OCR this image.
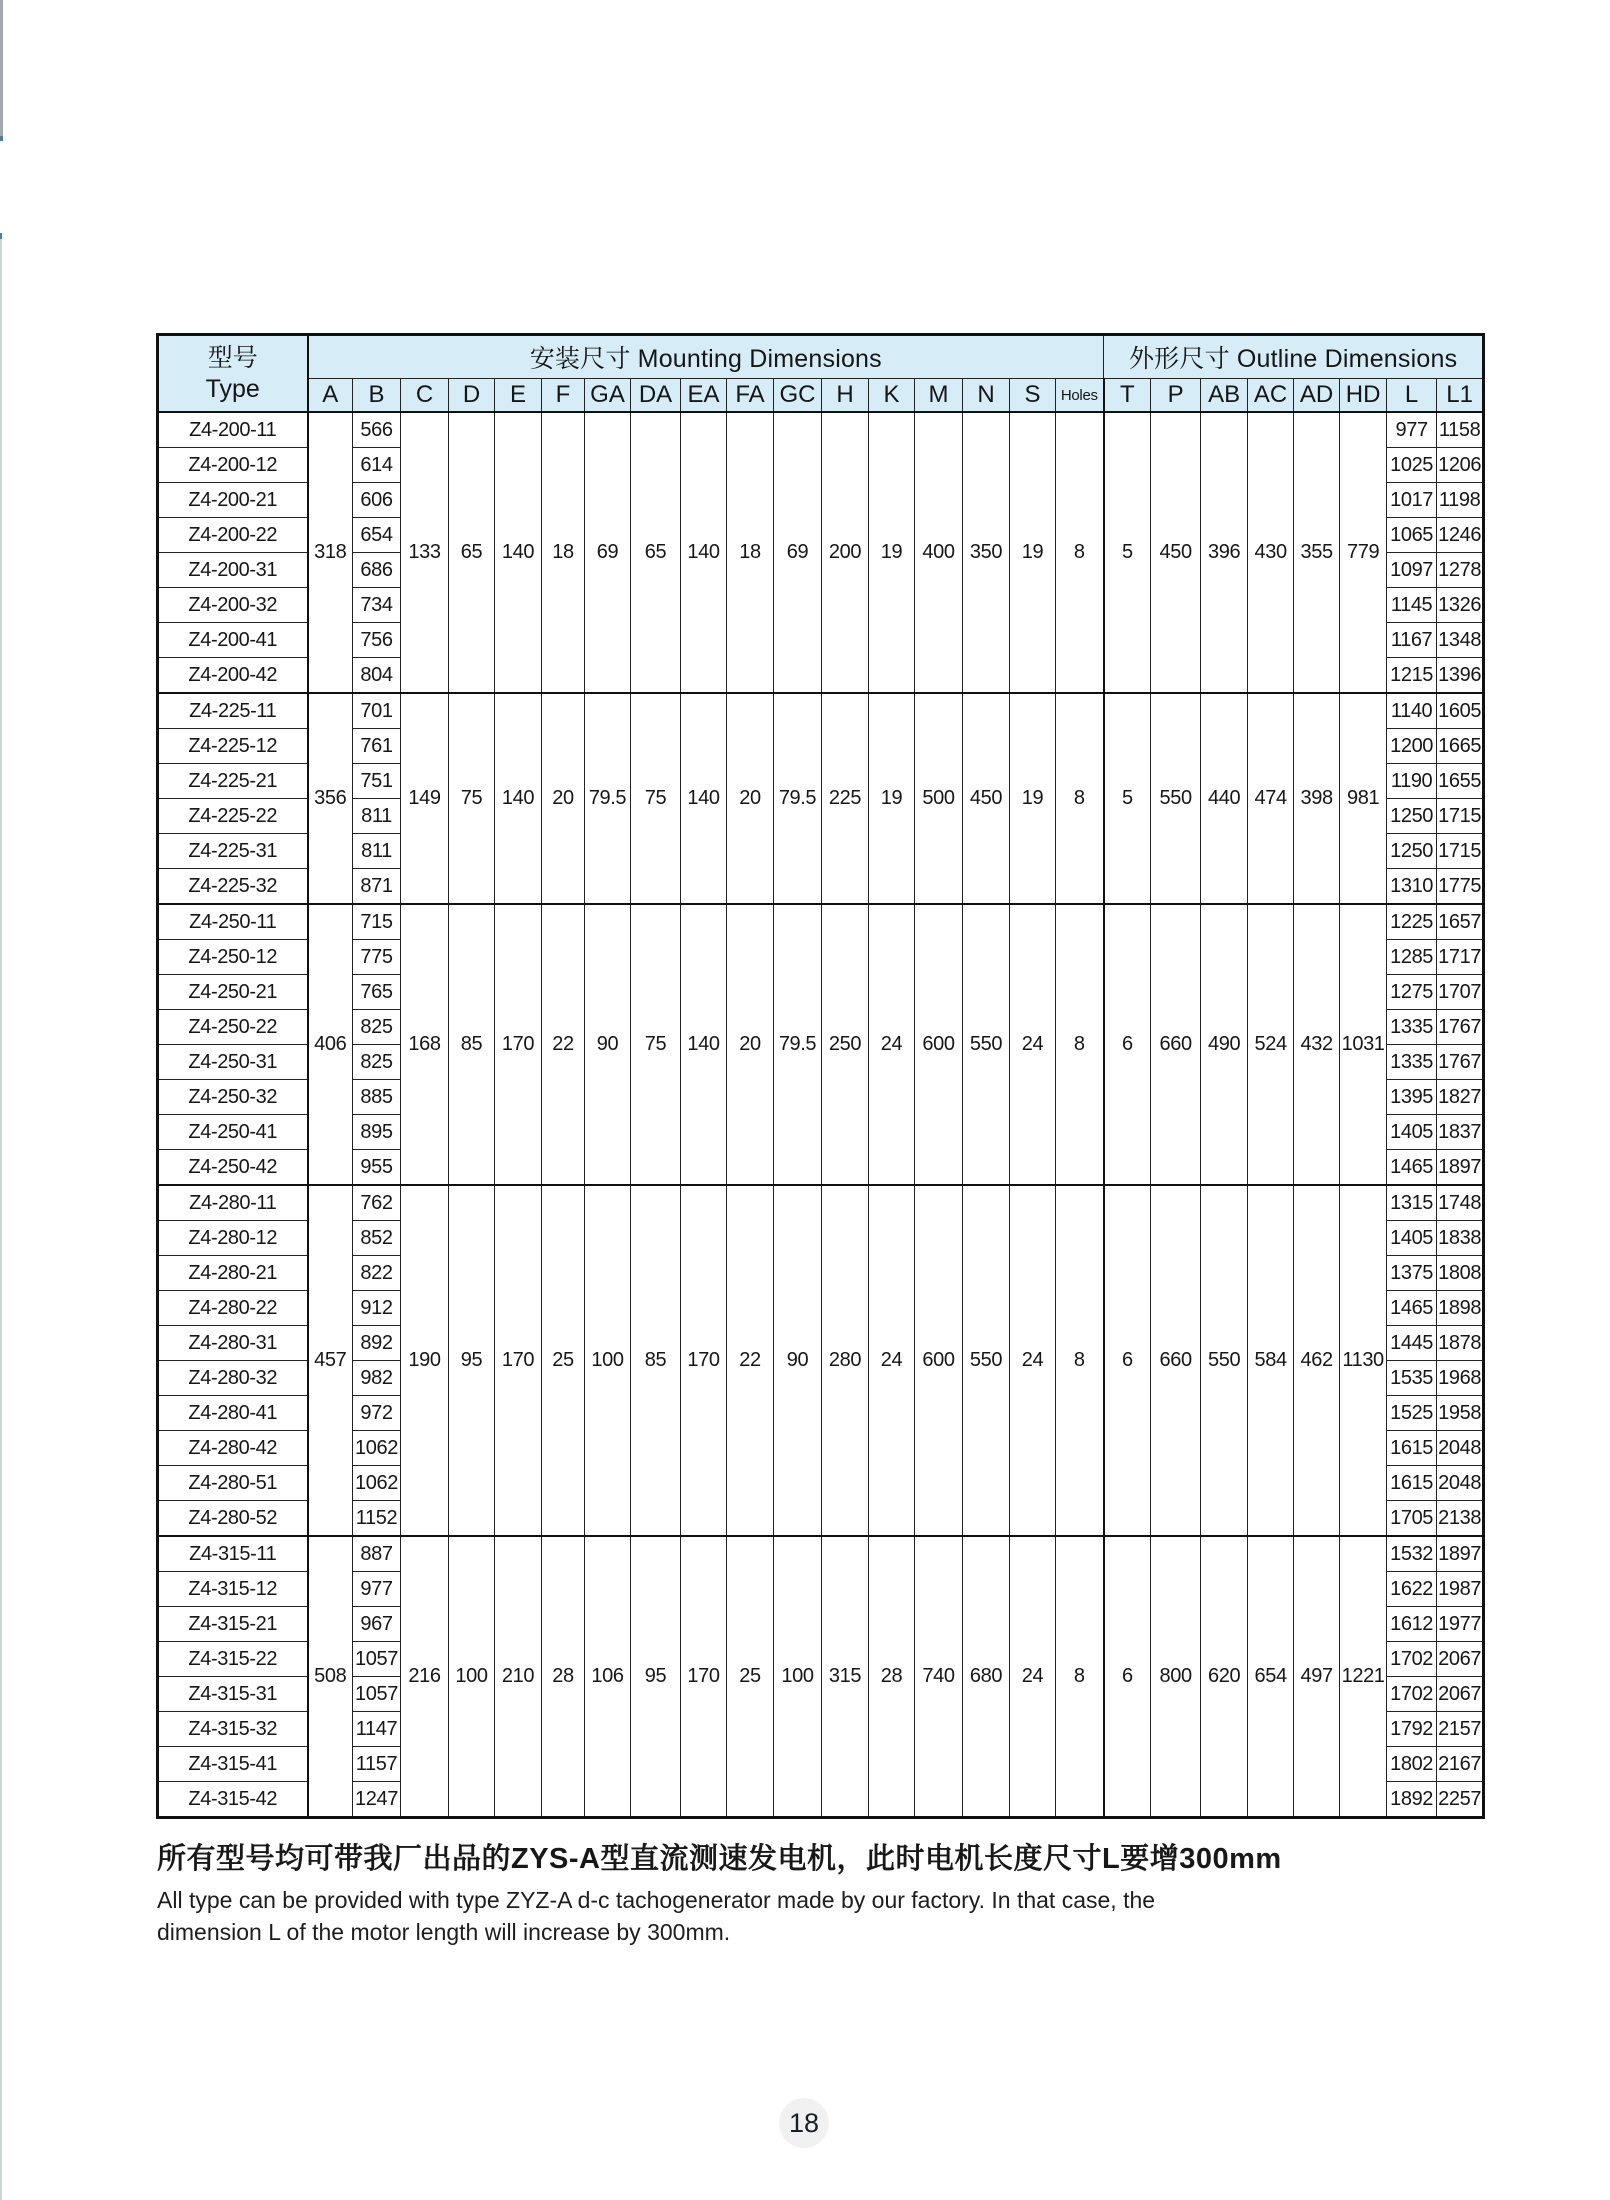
型号
Type	安装尺寸 Mounting Dimensions																	外形尺寸 Outline Dimensions							
	A	B	C	D	E	F	GA	DA	EA	FA	GC	H	K	M	N	S	Holes	T	P	AB	AC	AD	HD	L	L1
Z4-200-11	318	566	133	65	140	18	69	65	140	18	69	200	19	400	350	19	8	5	450	396	430	355	779	977	1158
Z4-200-12		614																						1025	1206
Z4-200-21		606																						1017	1198
Z4-200-22		654																						1065	1246
Z4-200-31		686																						1097	1278
Z4-200-32		734																						1145	1326
Z4-200-41		756																						1167	1348
Z4-200-42		804																						1215	1396
Z4-225-11	356	701	149	75	140	20	79.5	75	140	20	79.5	225	19	500	450	19	8	5	550	440	474	398	981	1140	1605
Z4-225-12		761																						1200	1665
Z4-225-21		751																						1190	1655
Z4-225-22		811																						1250	1715
Z4-225-31		811																						1250	1715
Z4-225-32		871																						1310	1775
Z4-250-11	406	715	168	85	170	22	90	75	140	20	79.5	250	24	600	550	24	8	6	660	490	524	432	1031	1225	1657
Z4-250-12		775																						1285	1717
Z4-250-21		765																						1275	1707
Z4-250-22		825																						1335	1767
Z4-250-31		825																						1335	1767
Z4-250-32		885																						1395	1827
Z4-250-41		895																						1405	1837
Z4-250-42		955																						1465	1897
Z4-280-11	457	762	190	95	170	25	100	85	170	22	90	280	24	600	550	24	8	6	660	550	584	462	1130	1315	1748
Z4-280-12		852																						1405	1838
Z4-280-21		822																						1375	1808
Z4-280-22		912																						1465	1898
Z4-280-31		892																						1445	1878
Z4-280-32		982																						1535	1968
Z4-280-41		972																						1525	1958
Z4-280-42		1062																						1615	2048
Z4-280-51		1062																						1615	2048
Z4-280-52		1152																						1705	2138
Z4-315-11	508	887	216	100	210	28	106	95	170	25	100	315	28	740	680	24	8	6	800	620	654	497	1221	1532	1897
Z4-315-12		977																						1622	1987
Z4-315-21		967																						1612	1977
Z4-315-22		1057																						1702	2067
Z4-315-31		1057																						1702	2067
Z4-315-32		1147																						1792	2157
Z4-315-41		1157																						1802	2167
Z4-315-42		1247																						1892	2257
所有型号均可带我厂出品的ZYS-A型直流测速发电机，此时电机长度尺寸L要增300mm
All type can be provided with type ZYZ-A d-c tachogenerator made by our factory. In that case, the
dimension L of the motor length will increase by 300mm.
18
